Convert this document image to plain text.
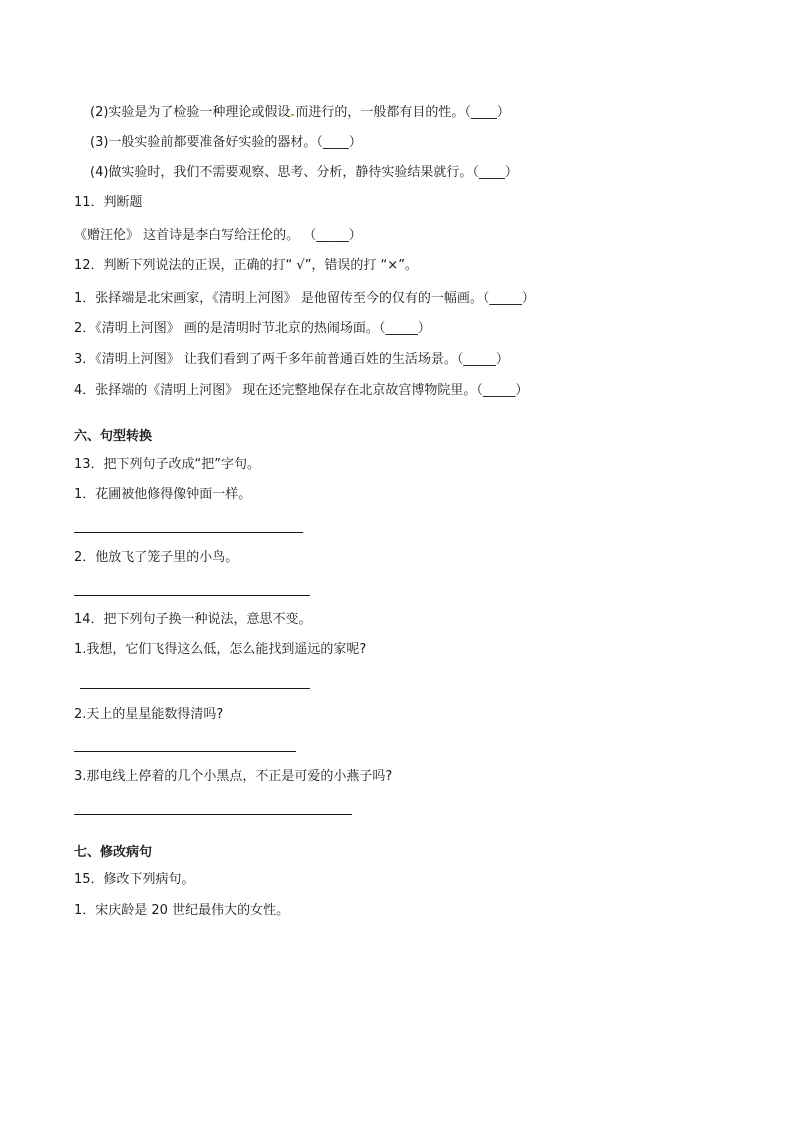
(2)实验是为了检验一种理论或假设 而进行的，一般都有目的性。（____）
(3)一般实验前都要准备好实验的器材。（____）
(4)做实验时，我们不需要观察、思考、分析，静待实验结果就行。（____）
11．判断题
《赠汪伦》 这首诗是李白写给汪伦的。 （_____）
12．判断下列说法的正误，正确的打“ √”，错误的打 “×”。
1．张择端是北宋画家，《清明上河图》 是他留传至今的仅有的一幅画。（_____）
2．《清明上河图》 画的是清明时节北京的热闹场面。（_____）
3．《清明上河图》 让我们看到了两千多年前普通百姓的生活场景。（_____）
4．张择端的《清明上河图》 现在还完整地保存在北京故宫博物院里。（_____）
六、句型转换
13．把下列句子改成“把”字句。
1．花圃被他修得像钟面一样。
2．他放飞了笼子里的小鸟。
14．把下列句子换一种说法，意思不变。
1.我想，它们飞得这么低，怎么能找到遥远的家呢?
2.天上的星星能数得清吗?
3.那电线上停着的几个小黑点，不正是可爱的小燕子吗?
七、修改病句
15．修改下列病句。
1．宋庆龄是 20 世纪最伟大的女性。
